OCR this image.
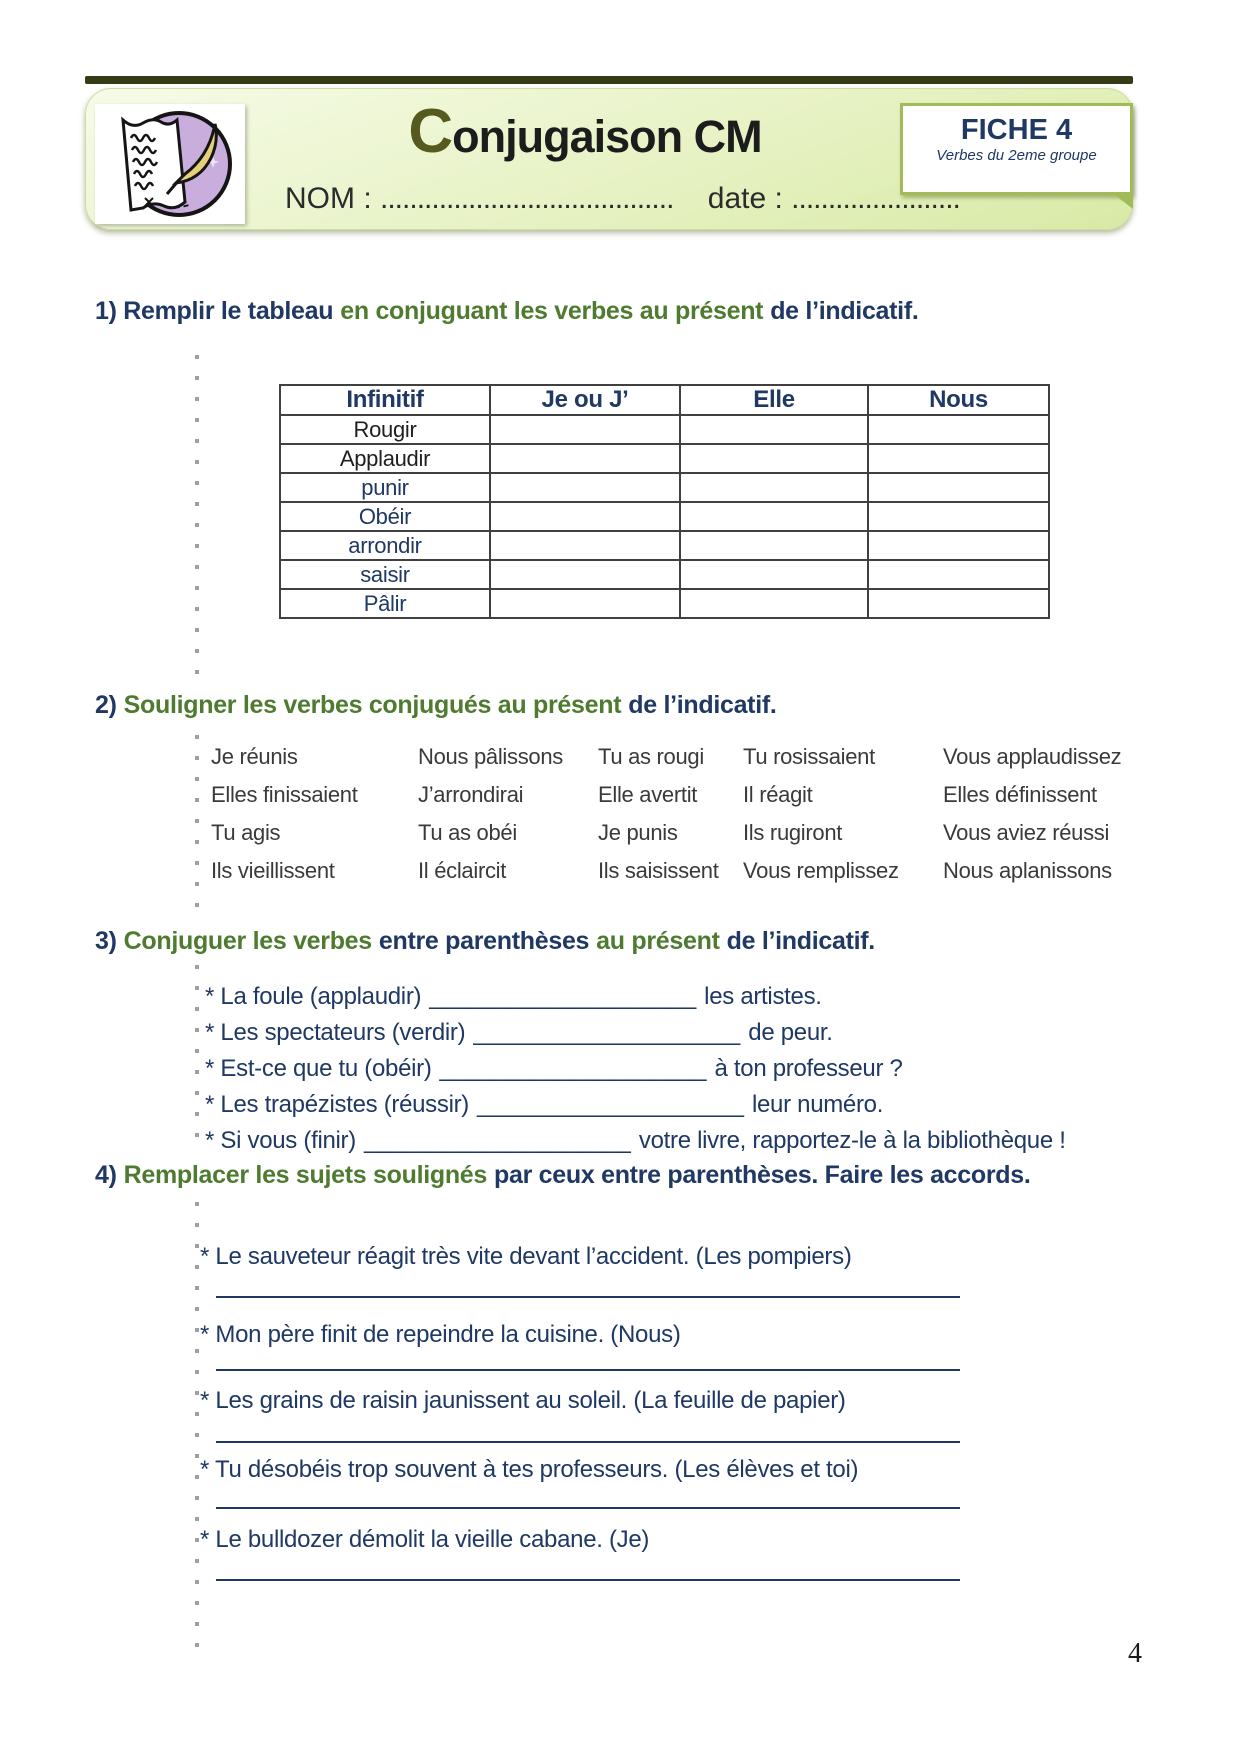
Conjugaison CM	FICHE 4
Verbes du 2eme groupe
NOM : ........................................ date : .......................
1) Remplir le tableau en conjuguant les verbes au présent de l’indicatif.
Infinitif	Je ou J’	Elle	Nous
Rougir			
Applaudir			
punir			
Obéir			
arrondir			
saisir			
Pâlir			
2) Souligner les verbes conjugués au présent de l’indicatif.
Je réunis	Nous pâlissons	Tu as rougi	Tu rosissaient	Vous applaudissez
Elles finissaient	J’arrondirai	Elle avertit	Il réagit	Elles définissent
Tu agis	Tu as obéi	Je punis	Ils rugiront	Vous aviez réussi
Ils vieillissent	Il éclaircit	Ils saisissent	Vous remplissez	Nous aplanissons
3) Conjuguer les verbes entre parenthèses au présent de l’indicatif.
* La foule (applaudir) ____________________ les artistes.
* Les spectateurs (verdir) ____________________ de peur.
* Est-ce que tu (obéir) ____________________ à ton professeur ?
* Les trapézistes (réussir) ____________________ leur numéro.
* Si vous (finir) ____________________ votre livre, rapportez-le à la bibliothèque !
4) Remplacer les sujets soulignés par ceux entre parenthèses. Faire les accords.
* Le sauveteur réagit très vite devant l’accident. (Les pompiers)
* Mon père finit de repeindre la cuisine. (Nous)
* Les grains de raisin jaunissent au soleil. (La feuille de papier)
* Tu désobéis trop souvent à tes professeurs. (Les élèves et toi)
* Le bulldozer démolit la vieille cabane. (Je)
4
